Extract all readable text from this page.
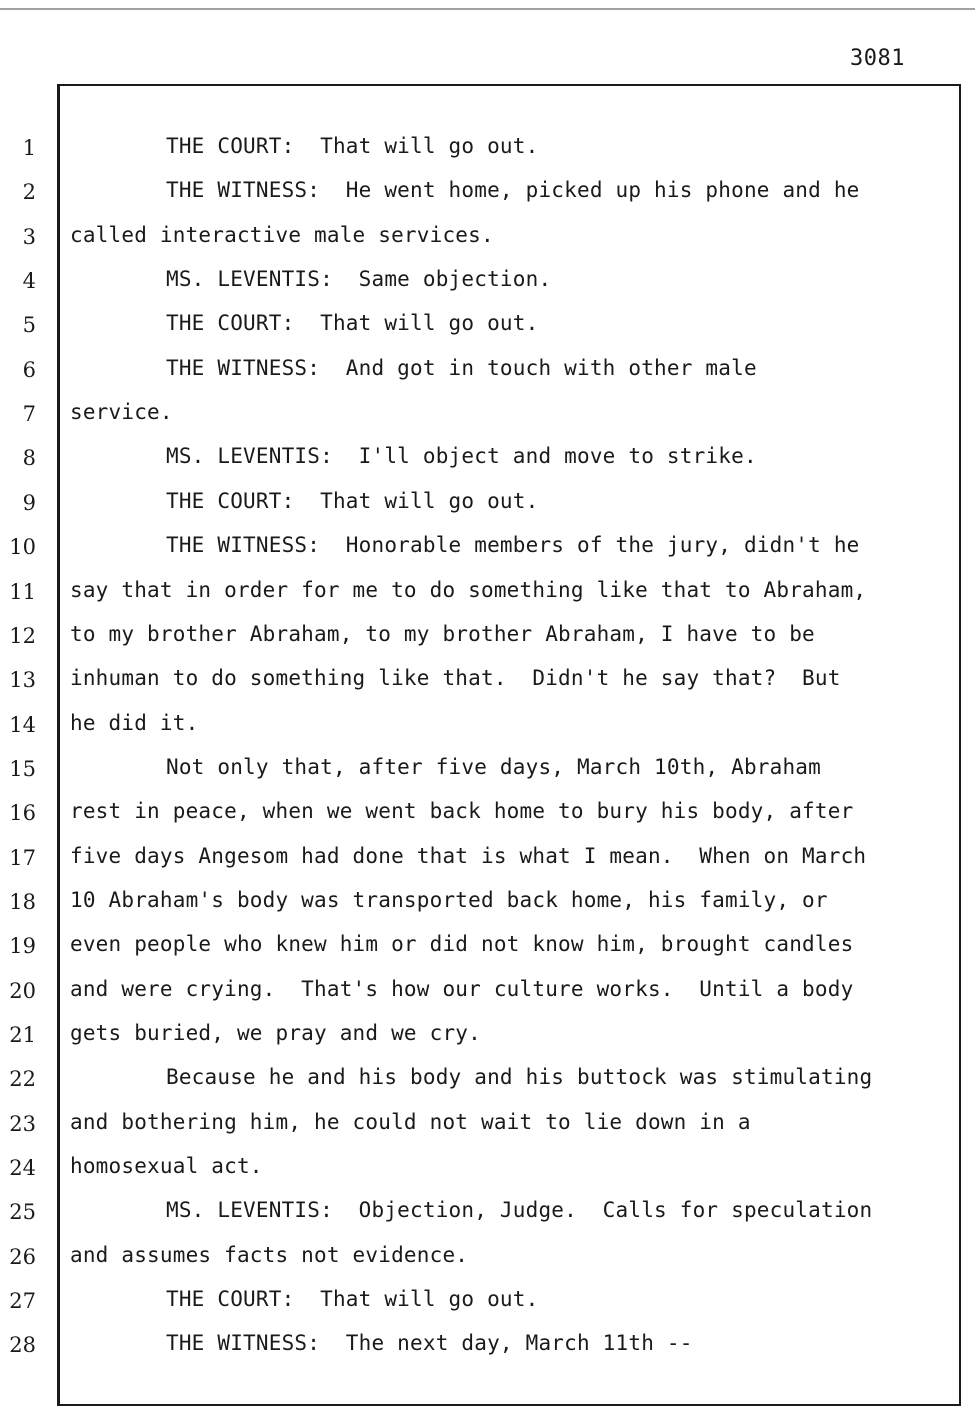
3081
1	THE COURT:  That will go out.
2	THE WITNESS:  He went home, picked up his phone and he
3	called interactive male services.
4	MS. LEVENTIS:  Same objection.
5	THE COURT:  That will go out.
6	THE WITNESS:  And got in touch with other male
7	service.
8	MS. LEVENTIS:  I'll object and move to strike.
9	THE COURT:  That will go out.
10	THE WITNESS:  Honorable members of the jury, didn't he
11	say that in order for me to do something like that to Abraham,
12	to my brother Abraham, to my brother Abraham, I have to be
13	inhuman to do something like that.  Didn't he say that?  But
14	he did it.
15	Not only that, after five days, March 10th, Abraham
16	rest in peace, when we went back home to bury his body, after
17	five days Angesom had done that is what I mean.  When on March
18	10 Abraham's body was transported back home, his family, or
19	even people who knew him or did not know him, brought candles
20	and were crying.  That's how our culture works.  Until a body
21	gets buried, we pray and we cry.
22	Because he and his body and his buttock was stimulating
23	and bothering him, he could not wait to lie down in a
24	homosexual act.
25	MS. LEVENTIS:  Objection, Judge.  Calls for speculation
26	and assumes facts not evidence.
27	THE COURT:  That will go out.
28	THE WITNESS:  The next day, March 11th --
